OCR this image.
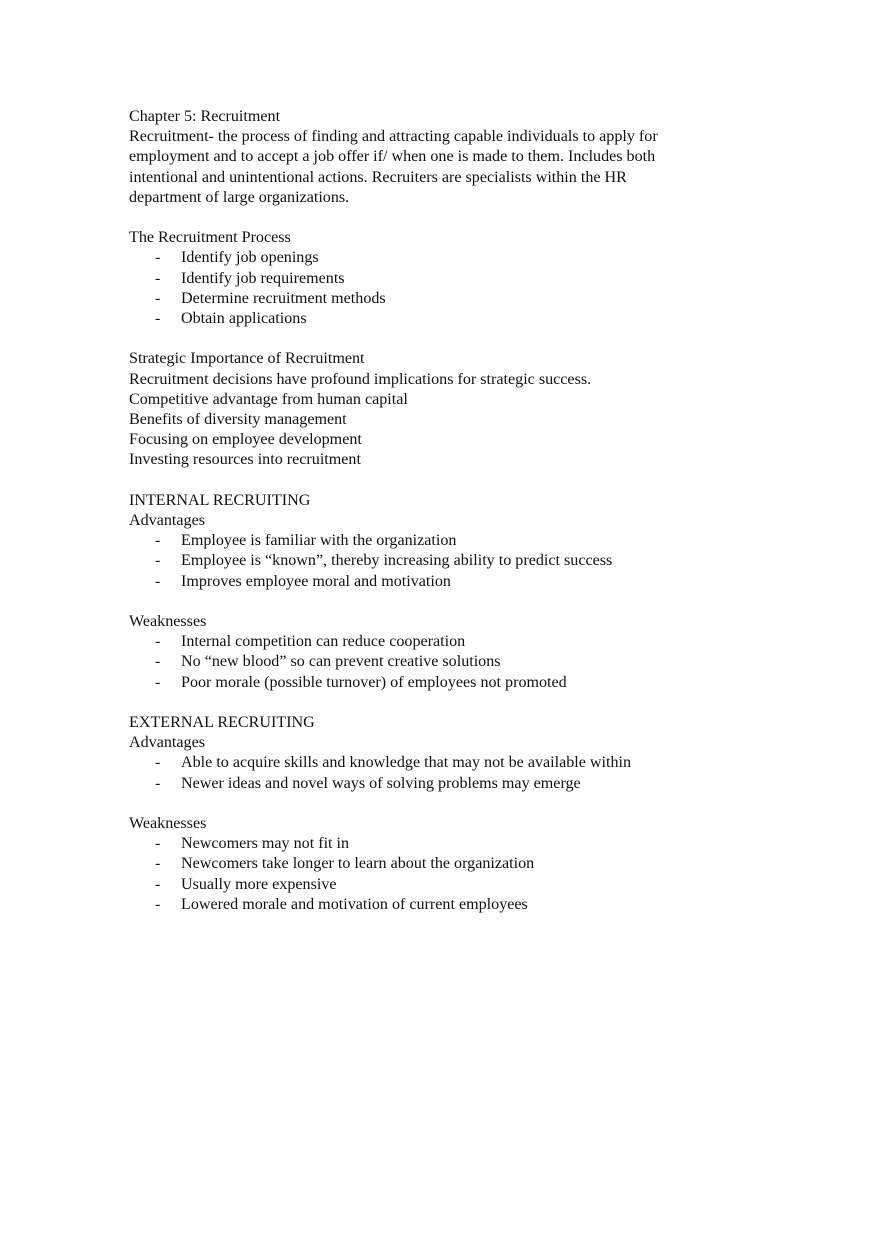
Chapter 5: Recruitment
Recruitment- the process of finding and attracting capable individuals to apply for
employment and to accept a job offer if/ when one is made to them. Includes both
intentional and unintentional actions. Recruiters are specialists within the HR
department of large organizations.
The Recruitment Process
- Identify job openings
- Identify job requirements
- Determine recruitment methods
- Obtain applications
Strategic Importance of Recruitment
Recruitment decisions have profound implications for strategic success.
Competitive advantage from human capital
Benefits of diversity management
Focusing on employee development
Investing resources into recruitment
INTERNAL RECRUITING
Advantages
- Employee is familiar with the organization
- Employee is “known”, thereby increasing ability to predict success
- Improves employee moral and motivation
Weaknesses
- Internal competition can reduce cooperation
- No “new blood” so can prevent creative solutions
- Poor morale (possible turnover) of employees not promoted
EXTERNAL RECRUITING
Advantages
- Able to acquire skills and knowledge that may not be available within
- Newer ideas and novel ways of solving problems may emerge
Weaknesses
- Newcomers may not fit in
- Newcomers take longer to learn about the organization
- Usually more expensive
- Lowered morale and motivation of current employees
